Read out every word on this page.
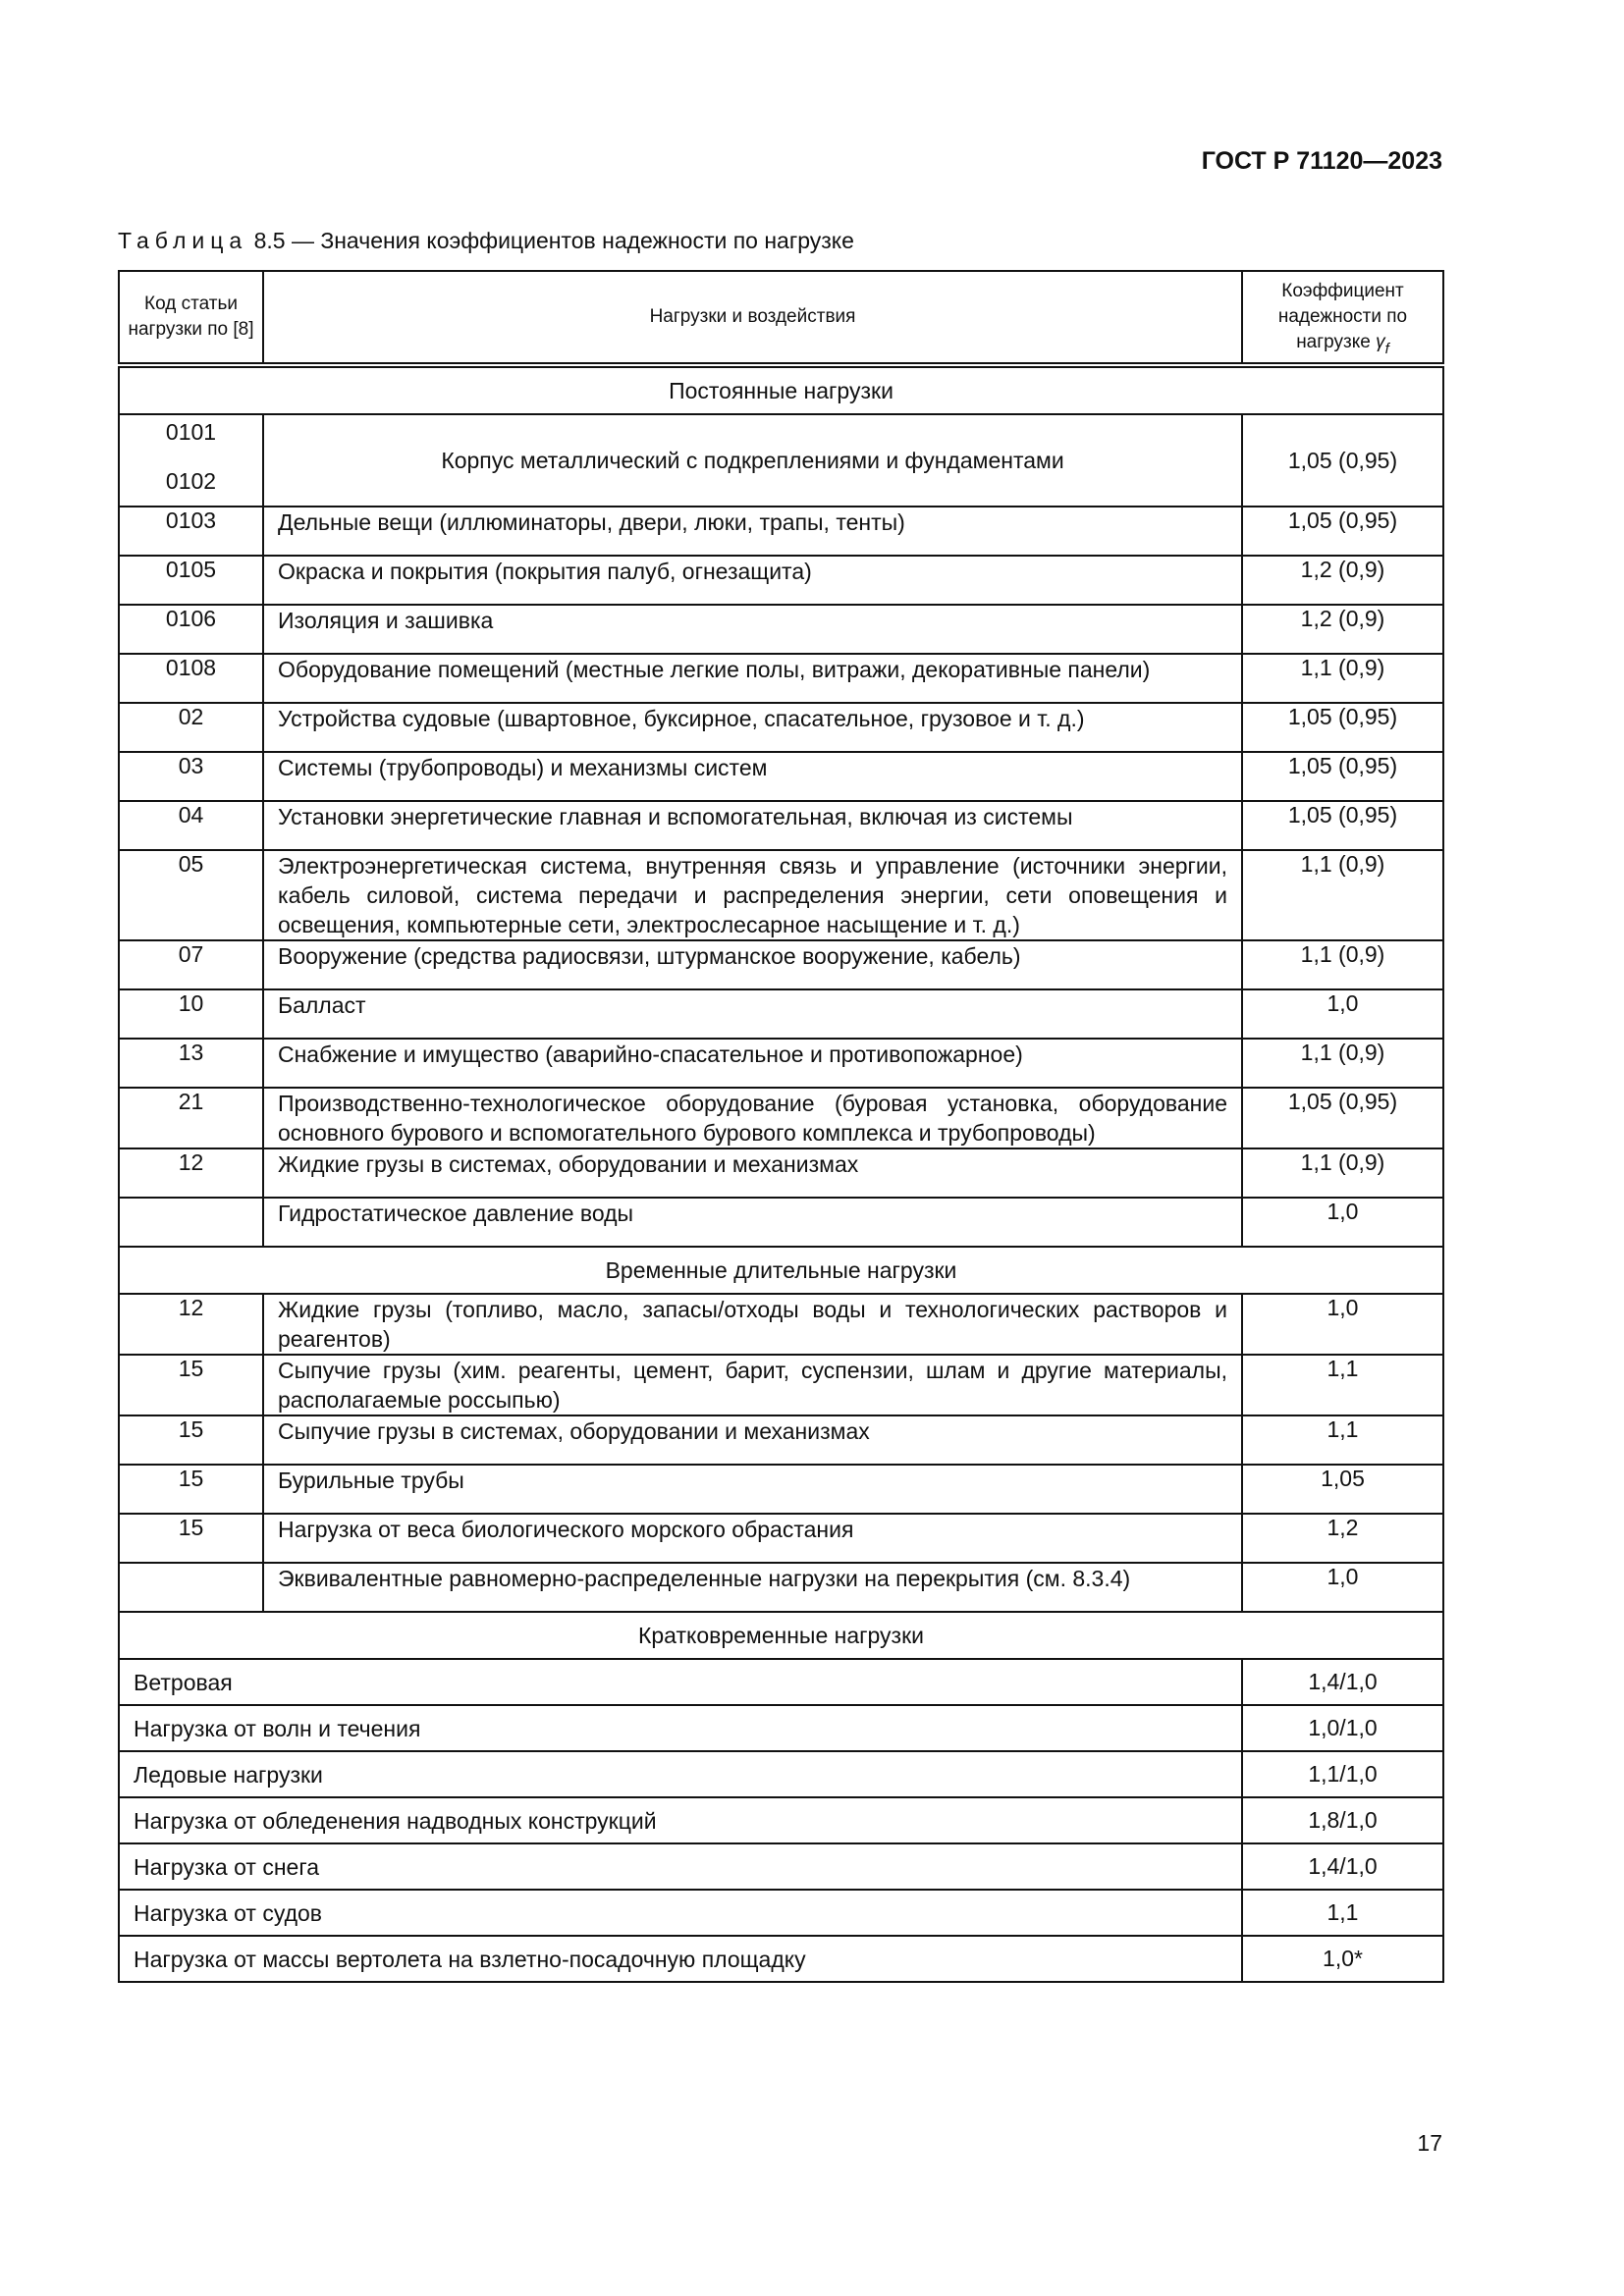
ГОСТ Р 71120—2023
Таблица 8.5 — Значения коэффициентов надежности по нагрузке
Код статьи нагрузки по [8]	Нагрузки и воздействия	Коэффициент надежности по нагрузке $\gamma_f$
Постоянные нагрузки		

0101
0102	Корпус металлический с подкреплениями и фундаментами	1,05 (0,95)
0103	Дельные вещи (иллюминаторы, двери, люки, трапы, тенты)	1,05 (0,95)
0105	Окраска и покрытия (покрытия палуб, огнезащита)	1,2 (0,9)
0106	Изоляция и зашивка	1,2 (0,9)
0108	Оборудование помещений (местные легкие полы, витражи, декоративные панели)	1,1 (0,9)
02	Устройства судовые (швартовное, буксирное, спасательное, грузовое и т. д.)	1,05 (0,95)
03	Системы (трубопроводы) и механизмы систем	1,05 (0,95)
04	Установки энергетические главная и вспомогательная, включая из системы	1,05 (0,95)
05	Электроэнергетическая система, внутренняя связь и управление (источники энергии, кабель силовой, система передачи и распределения энергии, сети оповещения и освещения, компьютерные сети, электрослесарное насыщение и т. д.)	1,1 (0,9)
07	Вооружение (средства радиосвязи, штурманское вооружение, кабель)	1,1 (0,9)
10	Балласт	1,0
13	Снабжение и имущество (аварийно-спасательное и противопожарное)	1,1 (0,9)
21	Производственно-технологическое оборудование (буровая установка, оборудование основного бурового и вспомогательного бурового комплекса и трубопроводы)	1,05 (0,95)
12	Жидкие грузы в системах, оборудовании и механизмах	1,1 (0,9)
	Гидростатическое давление воды	1,0
Временные длительные нагрузки		
12	Жидкие грузы (топливо, масло, запасы/отходы воды и технологических растворов и реагентов)	1,0
15	Сыпучие грузы (хим. реагенты, цемент, барит, суспензии, шлам и другие материалы, располагаемые россыпью)	1,1
15	Сыпучие грузы в системах, оборудовании и механизмах	1,1
15	Бурильные трубы	1,05
15	Нагрузка от веса биологического морского обрастания	1,2
	Эквивалентные равномерно-распределенные нагрузки на перекрытия (см. 8.3.4)	1,0
Кратковременные нагрузки		
Ветровая		1,4/1,0
Нагрузка от волн и течения		1,0/1,0
Ледовые нагрузки		1,1/1,0
Нагрузка от обледенения надводных конструкций		1,8/1,0
Нагрузка от снега		1,4/1,0
Нагрузка от судов		1,1
Нагрузка от массы вертолета на взлетно-посадочную площадку		1,0*
17
